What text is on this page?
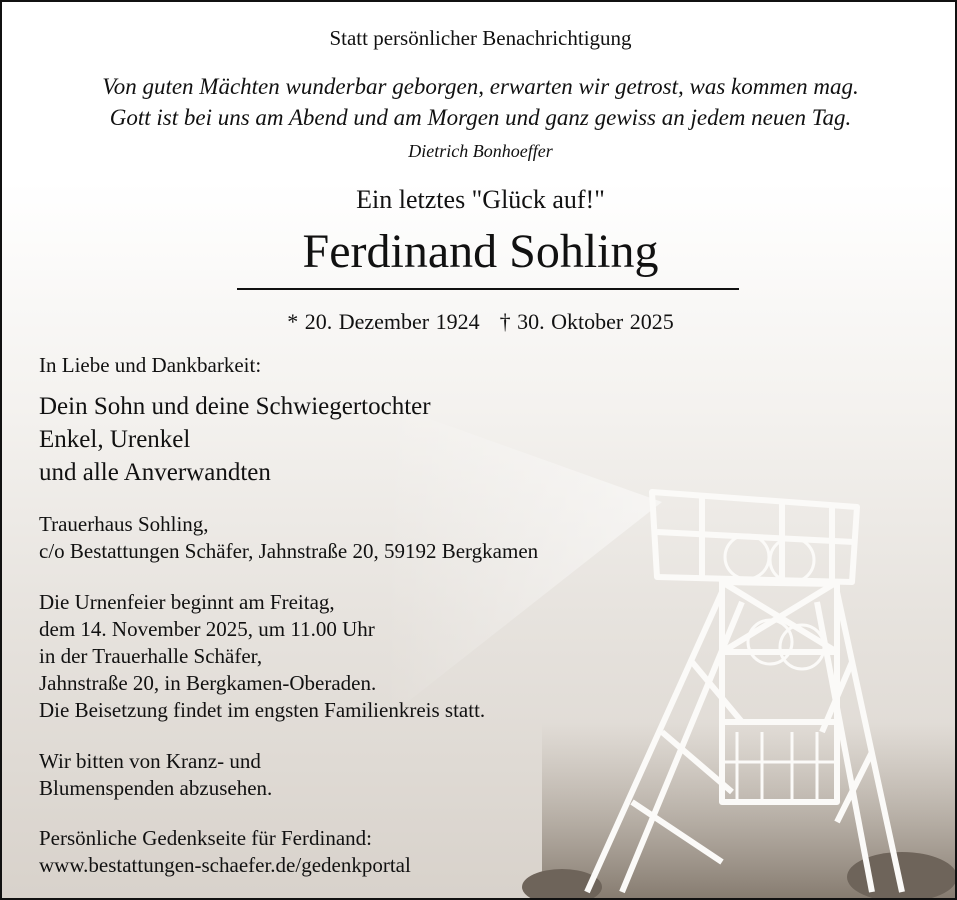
Statt persönlicher Benachrichtigung
Von guten Mächten wunderbar geborgen, erwarten wir getrost, was kommen mag.
Gott ist bei uns am Abend und am Morgen und ganz gewiss an jedem neuen Tag.
Dietrich Bonhoeffer
Ein letztes "Glück auf!"
Ferdinand Sohling
* 20. Dezember 1924 † 30. Oktober 2025
In Liebe und Dankbarkeit:
Dein Sohn und deine Schwiegertochter
Enkel, Urenkel
und alle Anverwandten
Trauerhaus Sohling,
c/o Bestattungen Schäfer, Jahnstraße 20, 59192 Bergkamen
Die Urnenfeier beginnt am Freitag,
dem 14. November 2025, um 11.00 Uhr
in der Trauerhalle Schäfer,
Jahnstraße 20, in Bergkamen-Oberaden.
Die Beisetzung findet im engsten Familienkreis statt.
Wir bitten von Kranz- und
Blumenspenden abzusehen.
Persönliche Gedenkseite für Ferdinand:
www.bestattungen-schaefer.de/gedenkportal
